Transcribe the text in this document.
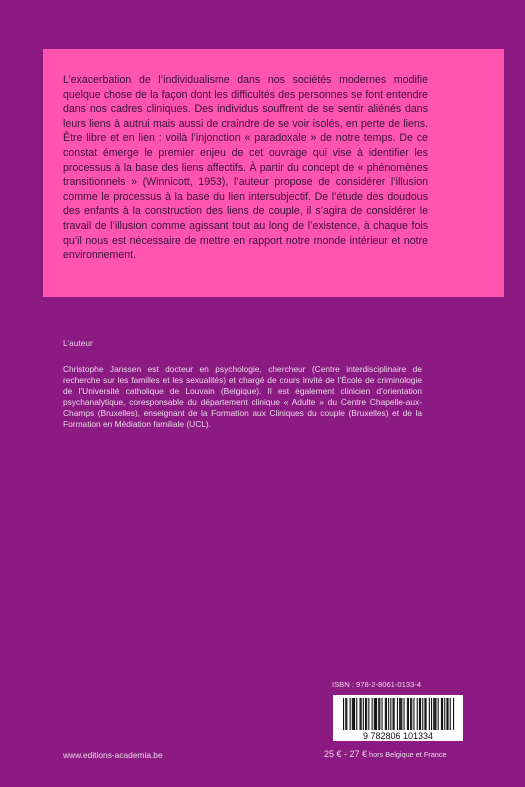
L’exacerbation de l’individualisme dans nos sociétés modernes modifie quelque chose de la façon dont les difficultés des personnes se font entendre dans nos cadres cliniques. Des individus souffrent de se sentir aliénés dans leurs liens à autrui mais aussi de craindre de se voir isolés, en perte de liens. Être libre et en lien : voilà l’injonction « paradoxale » de notre temps. De ce constat émerge le premier enjeu de cet ouvrage qui vise à identifier les processus à la base des liens affectifs. À partir du concept de « phénomènes transitionnels » (Winnicott, 1953), l’auteur propose de considérer l’illusion comme le processus à la base du lien intersubjectif. De l’étude des doudous des enfants à la construction des liens de couple, il s’agira de considérer le travail de l’illusion comme agissant tout au long de l’existence, à chaque fois qu’il nous est nécessaire de mettre en rapport notre monde intérieur et notre environnement.

L’auteur

Christophe Janssen est docteur en psychologie, chercheur (Centre interdisciplinaire de recherche sur les familles et les sexualités) et chargé de cours invité de l’École de criminologie de l’Université catholique de Louvain (Belgique). Il est également clinicien d’orientation psychanalytique, coresponsable du département clinique « Adulte » du Centre Chapelle-aux-Champs (Bruxelles), enseignant de la Formation aux Cliniques du couple (Bruxelles) et de la Formation en Médiation familiale (UCL).

ISBN : 978-2-8061-0133-4
9 782806 101334
www.editions-academia.be	25 € - 27 € hors Belgique et France
